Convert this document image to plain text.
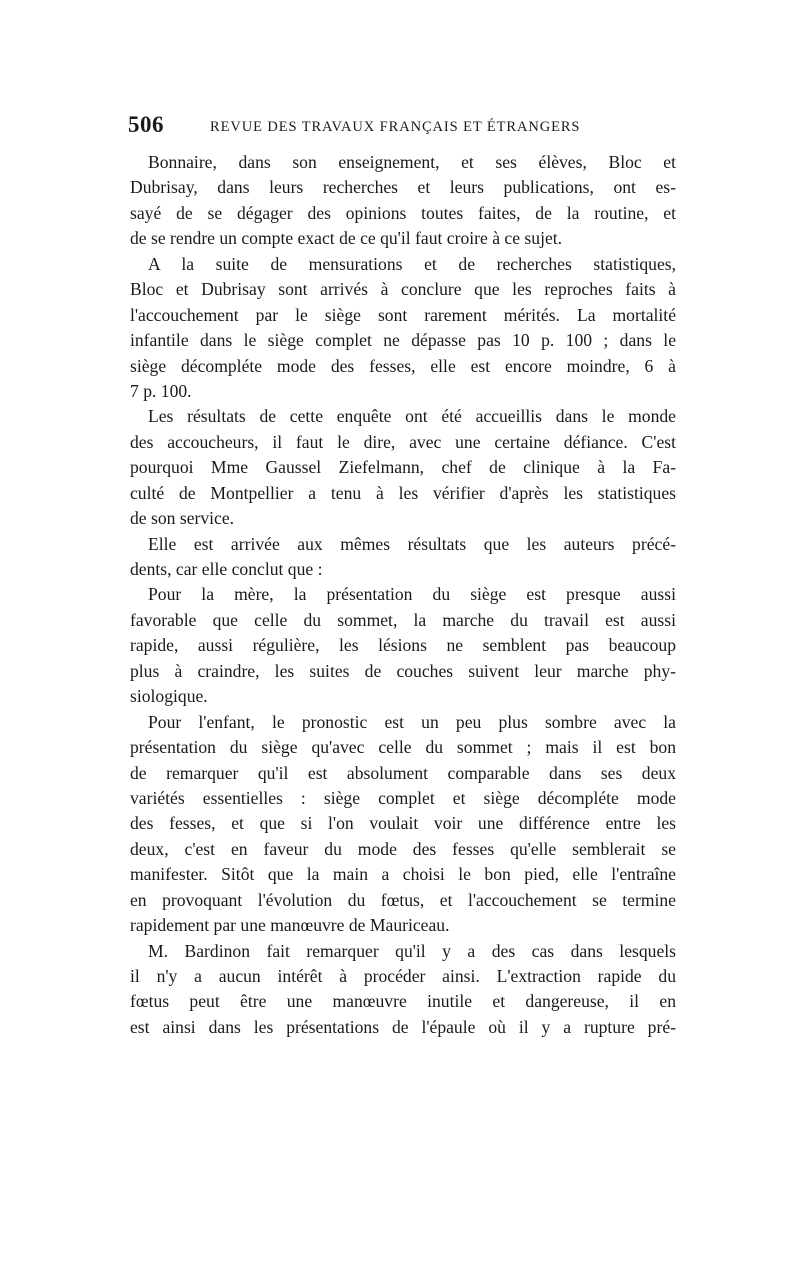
506	REVUE DES TRAVAUX FRANÇAIS ET ÉTRANGERS
Bonnaire, dans son enseignement, et ses élèves, Bloc et
Dubrisay, dans leurs recherches et leurs publications, ont es-
sayé de se dégager des opinions toutes faites, de la routine, et
de se rendre un compte exact de ce qu'il faut croire à ce sujet.
A la suite de mensurations et de recherches statistiques,
Bloc et Dubrisay sont arrivés à conclure que les reproches faits à
l'accouchement par le siège sont rarement mérités. La mortalité
infantile dans le siège complet ne dépasse pas 10 p. 100 ; dans le
siège décompléte mode des fesses, elle est encore moindre, 6 à
7 p. 100.
Les résultats de cette enquête ont été accueillis dans le monde
des accoucheurs, il faut le dire, avec une certaine défiance. C'est
pourquoi Mme Gaussel Ziefelmann, chef de clinique à la Fa-
culté de Montpellier a tenu à les vérifier d'après les statistiques
de son service.
Elle est arrivée aux mêmes résultats que les auteurs précé-
dents, car elle conclut que :
Pour la mère, la présentation du siège est presque aussi
favorable que celle du sommet, la marche du travail est aussi
rapide, aussi régulière, les lésions ne semblent pas beaucoup
plus à craindre, les suites de couches suivent leur marche phy-
siologique.
Pour l'enfant, le pronostic est un peu plus sombre avec la
présentation du siège qu'avec celle du sommet ; mais il est bon
de remarquer qu'il est absolument comparable dans ses deux
variétés essentielles : siège complet et siège décompléte mode
des fesses, et que si l'on voulait voir une différence entre les
deux, c'est en faveur du mode des fesses qu'elle semblerait se
manifester. Sitôt que la main a choisi le bon pied, elle l'entraîne
en provoquant l'évolution du fœtus, et l'accouchement se termine
rapidement par une manœuvre de Mauriceau.
M. Bardinon fait remarquer qu'il y a des cas dans lesquels
il n'y a aucun intérêt à procéder ainsi. L'extraction rapide du
fœtus peut être une manœuvre inutile et dangereuse, il en
est ainsi dans les présentations de l'épaule où il y a rupture pré-
